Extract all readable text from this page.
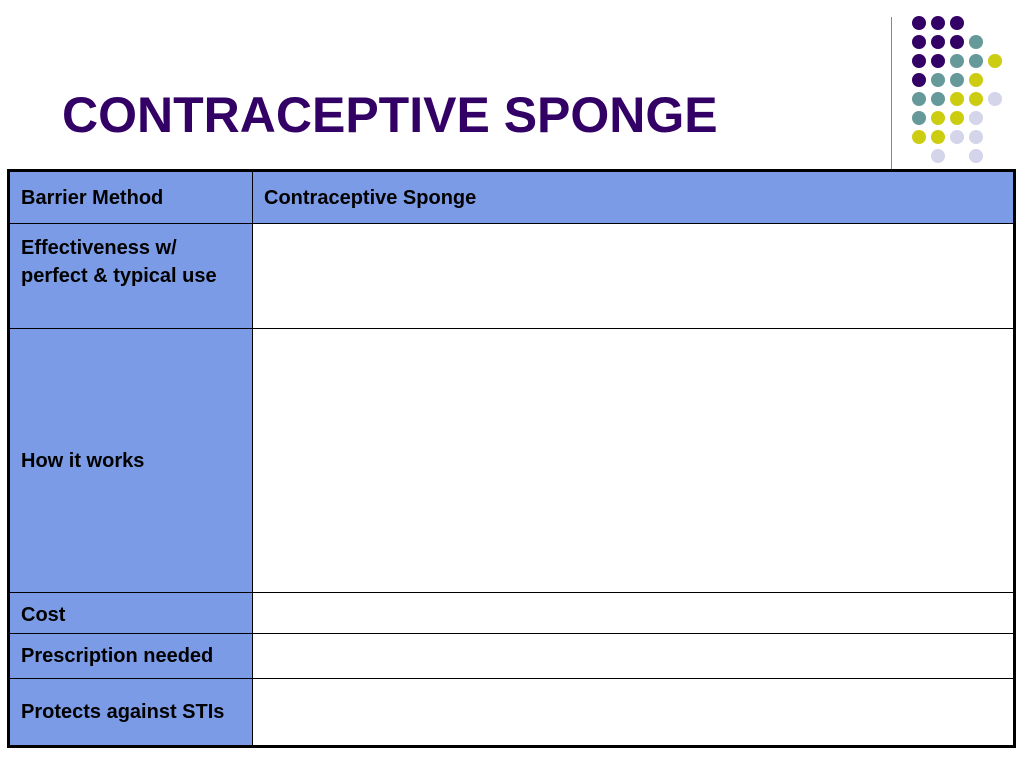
CONTRACEPTIVE SPONGE
Barrier Method	Contraceptive Sponge
Effectiveness w/ perfect & typical use	
How it works	
Cost	
Prescription needed	
Protects against STIs	
